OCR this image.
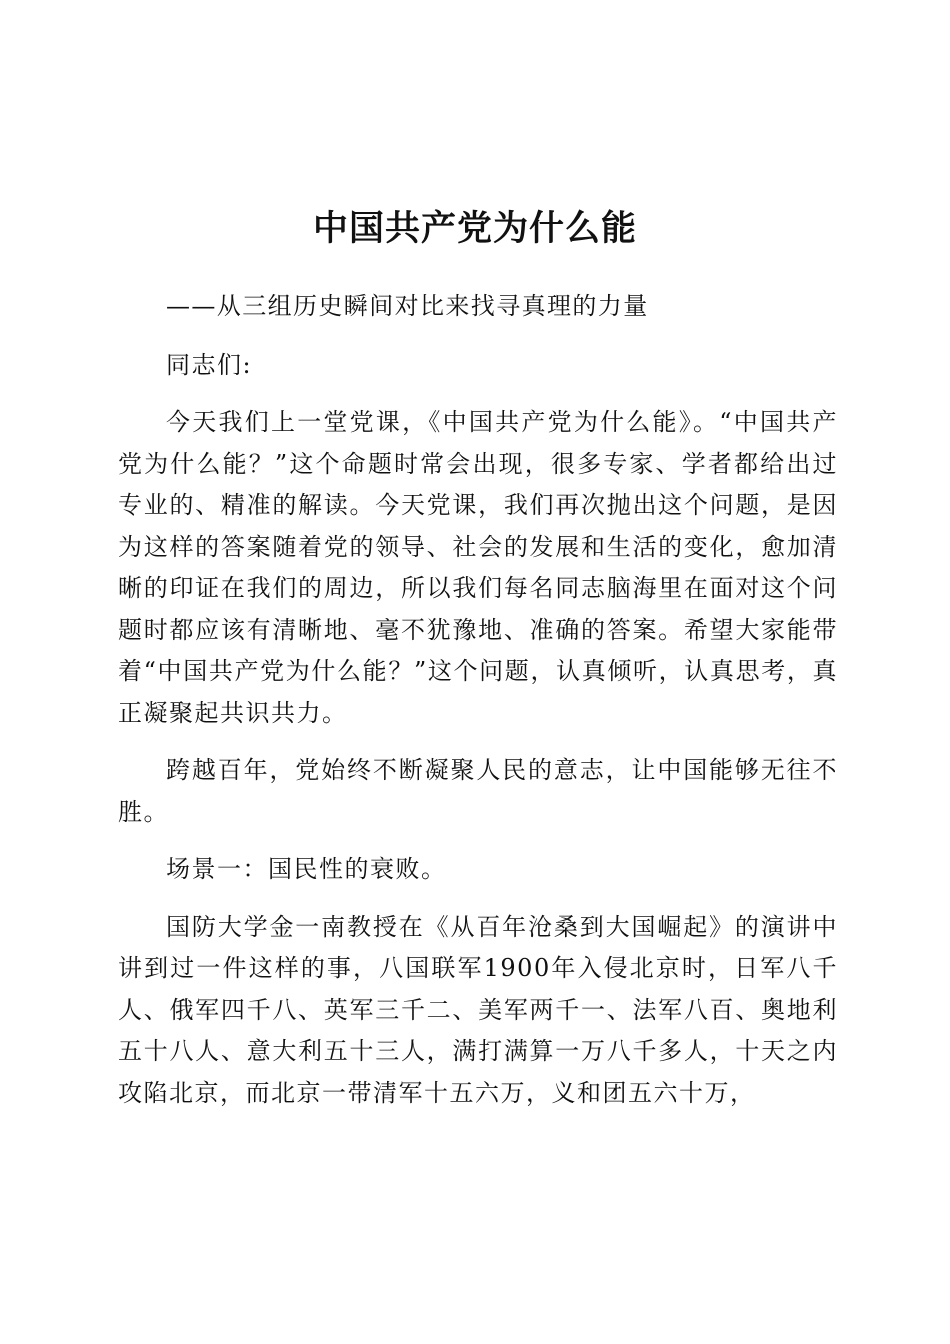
中国共产党为什么能

——从三组历史瞬间对比来找寻真理的力量

同志们:

今天我们上一堂党课，《中国共产党为什么能》。“中国共产党为什么能？”这个命题时常会出现，很多专家、学者都给出过专业的、精准的解读。今天党课，我们再次抛出这个问题，是因为这样的答案随着党的领导、社会的发展和生活的变化，愈加清晰的印证在我们的周边，所以我们每名同志脑海里在面对这个问题时都应该有清晰地、毫不犹豫地、准确的答案。希望大家能带着“中国共产党为什么能？”这个问题，认真倾听，认真思考，真正凝聚起共识共力。

跨越百年，党始终不断凝聚人民的意志，让中国能够无往不胜。

场景一：国民性的衰败。

国防大学金一南教授在《从百年沧桑到大国崛起》的演讲中讲到过一件这样的事，八国联军1900年入侵北京时，日军八千人、俄军四千八、英军三千二、美军两千一、法军八百、奥地利五十八人、意大利五十三人，满打满算一万八千多人，十天之内攻陷北京，而北京一带清军十五六万，义和团五六十万，
